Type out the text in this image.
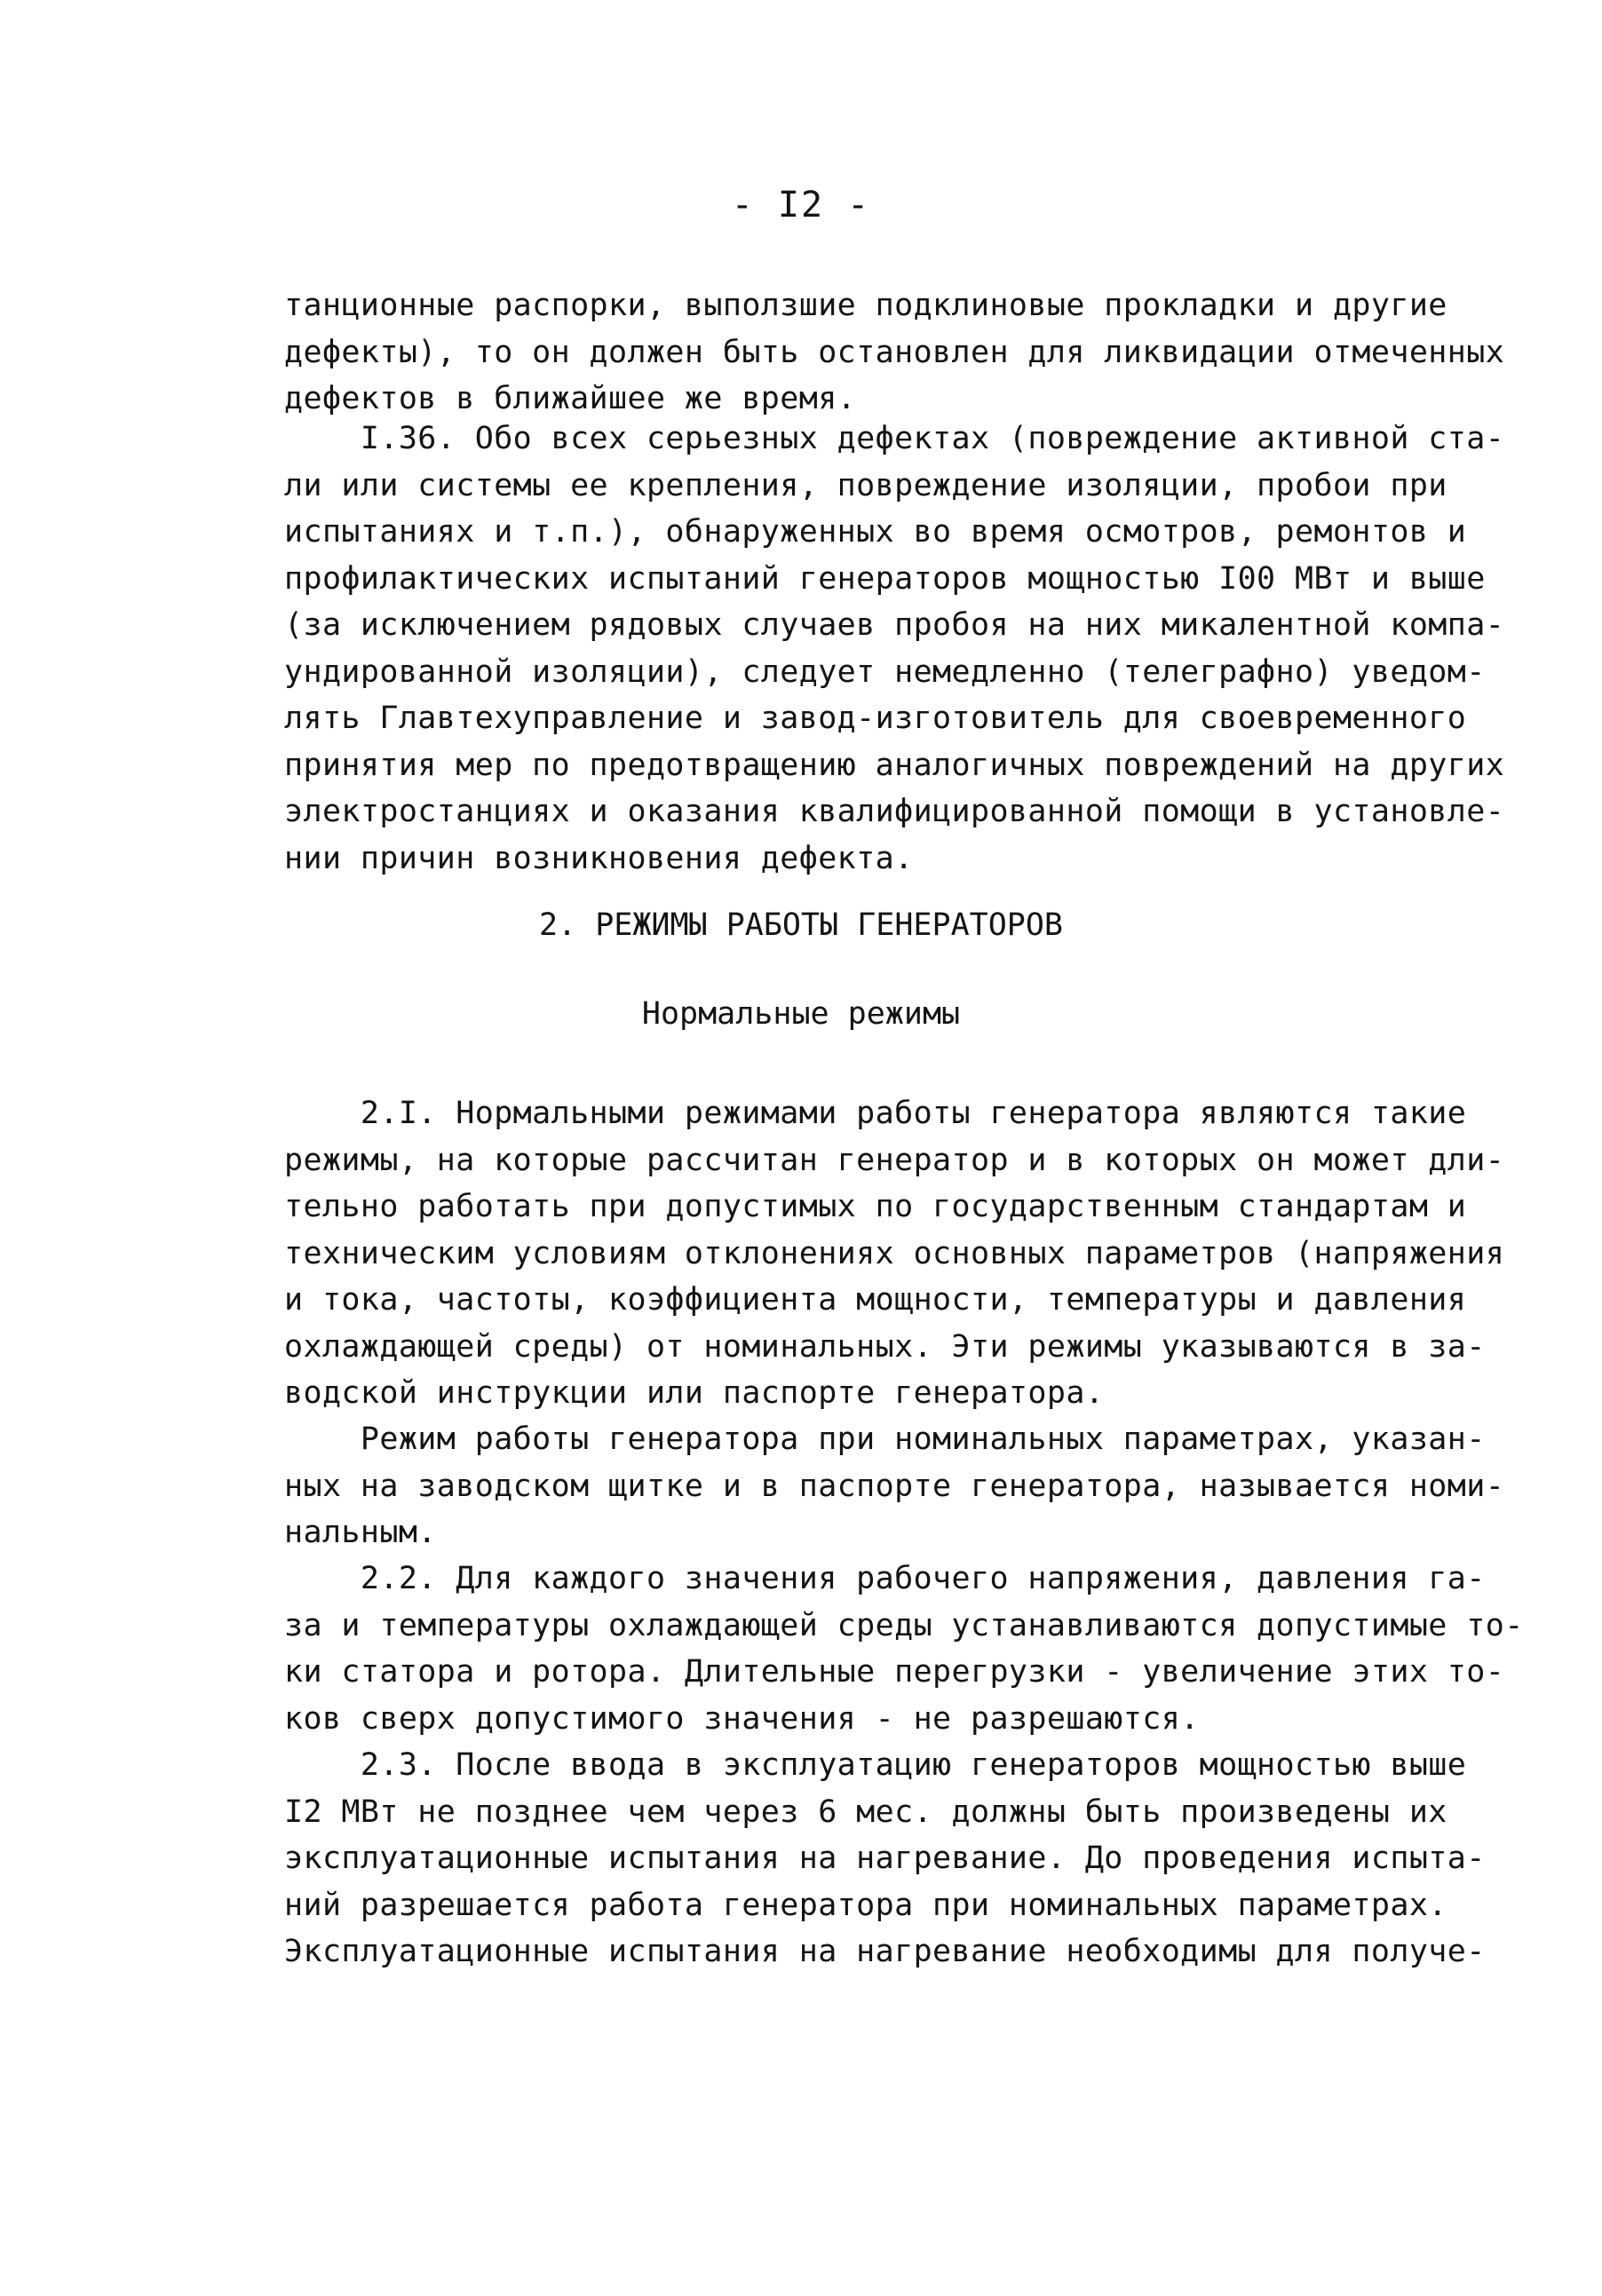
- I2 -
танционные распорки, выползшие подклиновые прокладки и другие
дефекты), то он должен быть остановлен для ликвидации отмеченных
дефектов в ближайшее же время.
I.36. Обо всех серьезных дефектах (повреждение активной ста-
ли или системы ее крепления, повреждение изоляции, пробои при
испытаниях и т.п.), обнаруженных во время осмотров, ремонтов и
профилактических испытаний генераторов мощностью I00 МВт и выше
(за исключением рядовых случаев пробоя на них микалентной компа-
ундированной изоляции), следует немедленно (телеграфно) уведом-
лять Главтехуправление и завод-изготовитель для своевременного
принятия мер по предотвращению аналогичных повреждений на других
электростанциях и оказания квалифицированной помощи в установле-
нии причин возникновения дефекта.
2. РЕЖИМЫ РАБОТЫ ГЕНЕРАТОРОВ
Нормальные режимы
2.I. Нормальными режимами работы генератора являются такие
режимы, на которые рассчитан генератор и в которых он может дли-
тельно работать при допустимых по государственным стандартам и
техническим условиям отклонениях основных параметров (напряжения
и тока, частоты, коэффициента мощности, температуры и давления
охлаждающей среды) от номинальных. Эти режимы указываются в за-
водской инструкции или паспорте генератора.
Режим работы генератора при номинальных параметрах, указан-
ных на заводском щитке и в паспорте генератора, называется номи-
нальным.
2.2. Для каждого значения рабочего напряжения, давления га-
за и температуры охлаждающей среды устанавливаются допустимые то-
ки статора и ротора. Длительные перегрузки - увеличение этих то-
ков сверх допустимого значения - не разрешаются.
2.3. После ввода в эксплуатацию генераторов мощностью выше
I2 МВт не позднее чем через 6 мес. должны быть произведены их
эксплуатационные испытания на нагревание. До проведения испыта-
ний разрешается работа генератора при номинальных параметрах.
Эксплуатационные испытания на нагревание необходимы для получе-
